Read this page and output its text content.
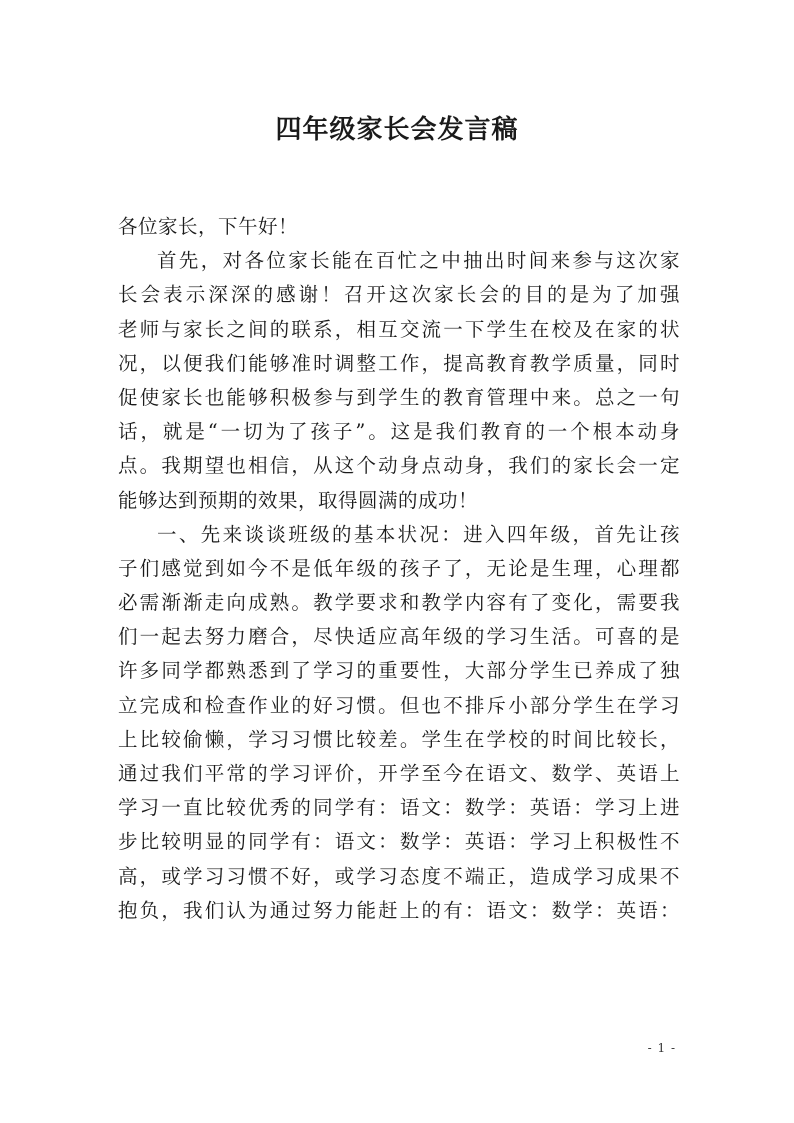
四年级家长会发言稿
各位家长，下午好！
首先，对各位家长能在百忙之中抽出时间来参与这次家
长会表示深深的感谢！召开这次家长会的目的是为了加强
老师与家长之间的联系，相互交流一下学生在校及在家的状
况，以便我们能够准时调整工作，提高教育教学质量，同时
促使家长也能够积极参与到学生的教育管理中来。总之一句
话，就是“一切为了孩子”。这是我们教育的一个根本动身
点。我期望也相信，从这个动身点动身，我们的家长会一定
能够达到预期的效果，取得圆满的成功！
一、先来谈谈班级的基本状况：进入四年级，首先让孩
子们感觉到如今不是低年级的孩子了，无论是生理，心理都
必需渐渐走向成熟。教学要求和教学内容有了变化，需要我
们一起去努力磨合，尽快适应高年级的学习生活。可喜的是
许多同学都熟悉到了学习的重要性，大部分学生已养成了独
立完成和检查作业的好习惯。但也不排斥小部分学生在学习
上比较偷懒，学习习惯比较差。学生在学校的时间比较长，
通过我们平常的学习评价，开学至今在语文、数学、英语上
学习一直比较优秀的同学有：语文：数学：英语：学习上进
步比较明显的同学有：语文：数学：英语：学习上积极性不
高，或学习习惯不好，或学习态度不端正，造成学习成果不
抱负，我们认为通过努力能赶上的有：语文：数学：英语：
- 1 -
